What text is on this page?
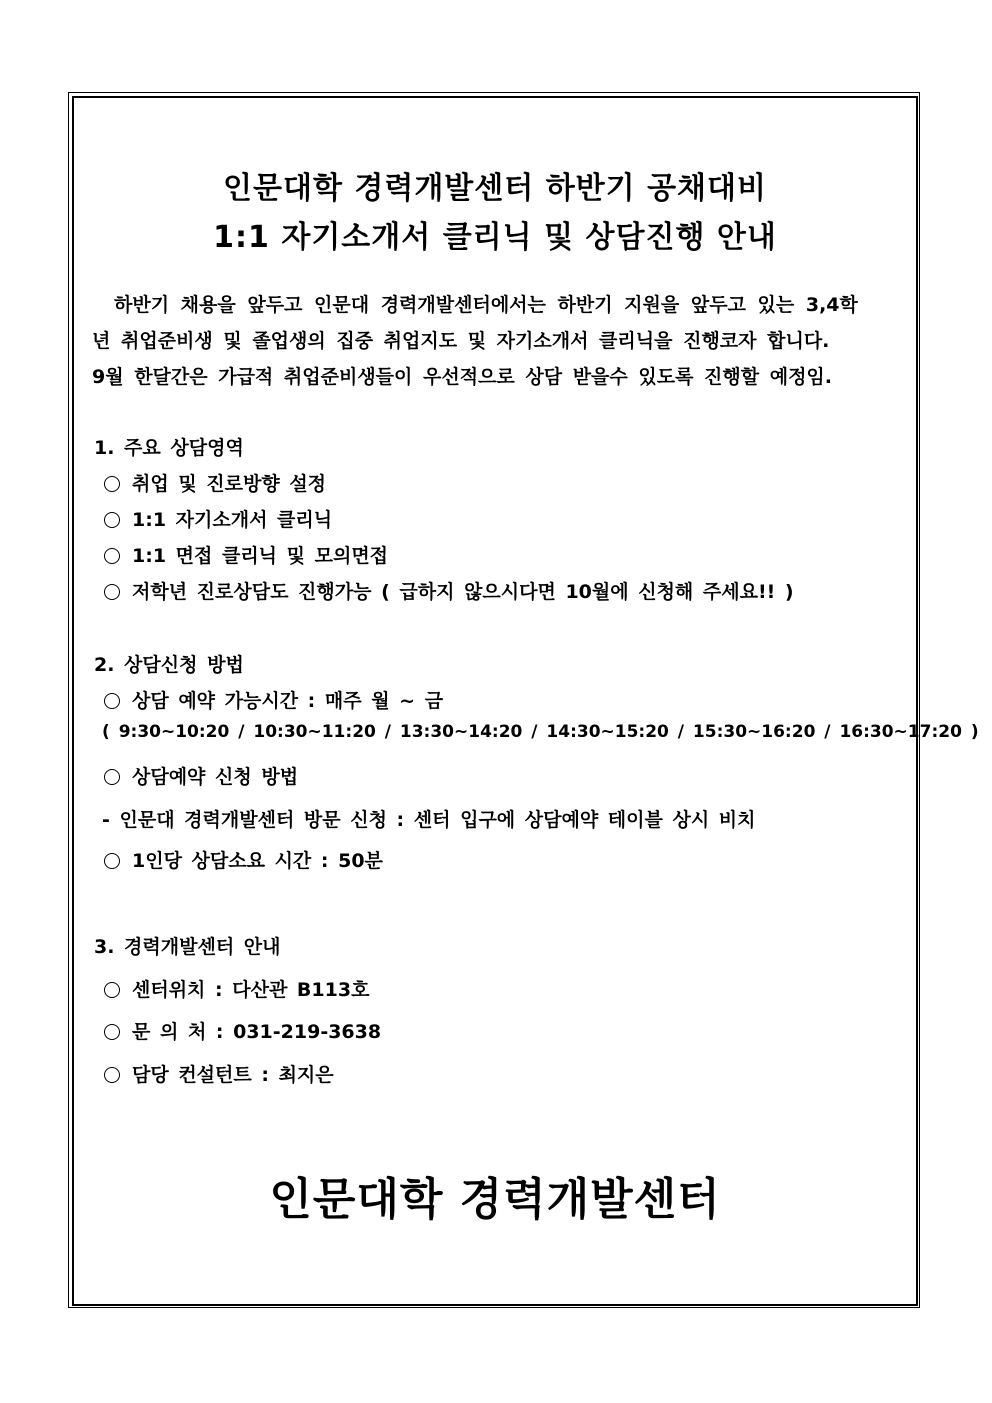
인문대학 경력개발센터 하반기 공채대비
1:1 자기소개서 클리닉 및 상담진행 안내
하반기 채용을 앞두고 인문대 경력개발센터에서는 하반기 지원을 앞두고 있는 3,4학
년 취업준비생 및 졸업생의 집중 취업지도 및 자기소개서 클리닉을 진행코자 합니다.
9월 한달간은 가급적 취업준비생들이 우선적으로 상담 받을수 있도록 진행할 예정임.
1. 주요 상담영역
취업 및 진로방향 설정
1:1 자기소개서 클리닉
1:1 면접 클리닉 및 모의면접
저학년 진로상담도 진행가능 ( 급하지 않으시다면 10월에 신청해 주세요!! )
2. 상담신청 방법
상담 예약 가능시간 : 매주 월 ~ 금
( 9:30~10:20 / 10:30~11:20 / 13:30~14:20 / 14:30~15:20 / 15:30~16:20 / 16:30~17:20 )
상담예약 신청 방법
- 인문대 경력개발센터 방문 신청 : 센터 입구에 상담예약 테이블 상시 비치
1인당 상담소요 시간 : 50분
3. 경력개발센터 안내
센터위치 : 다산관 B113호
문 의 처 : 031-219-3638
담당 컨설턴트 : 최지은
인문대학 경력개발센터
